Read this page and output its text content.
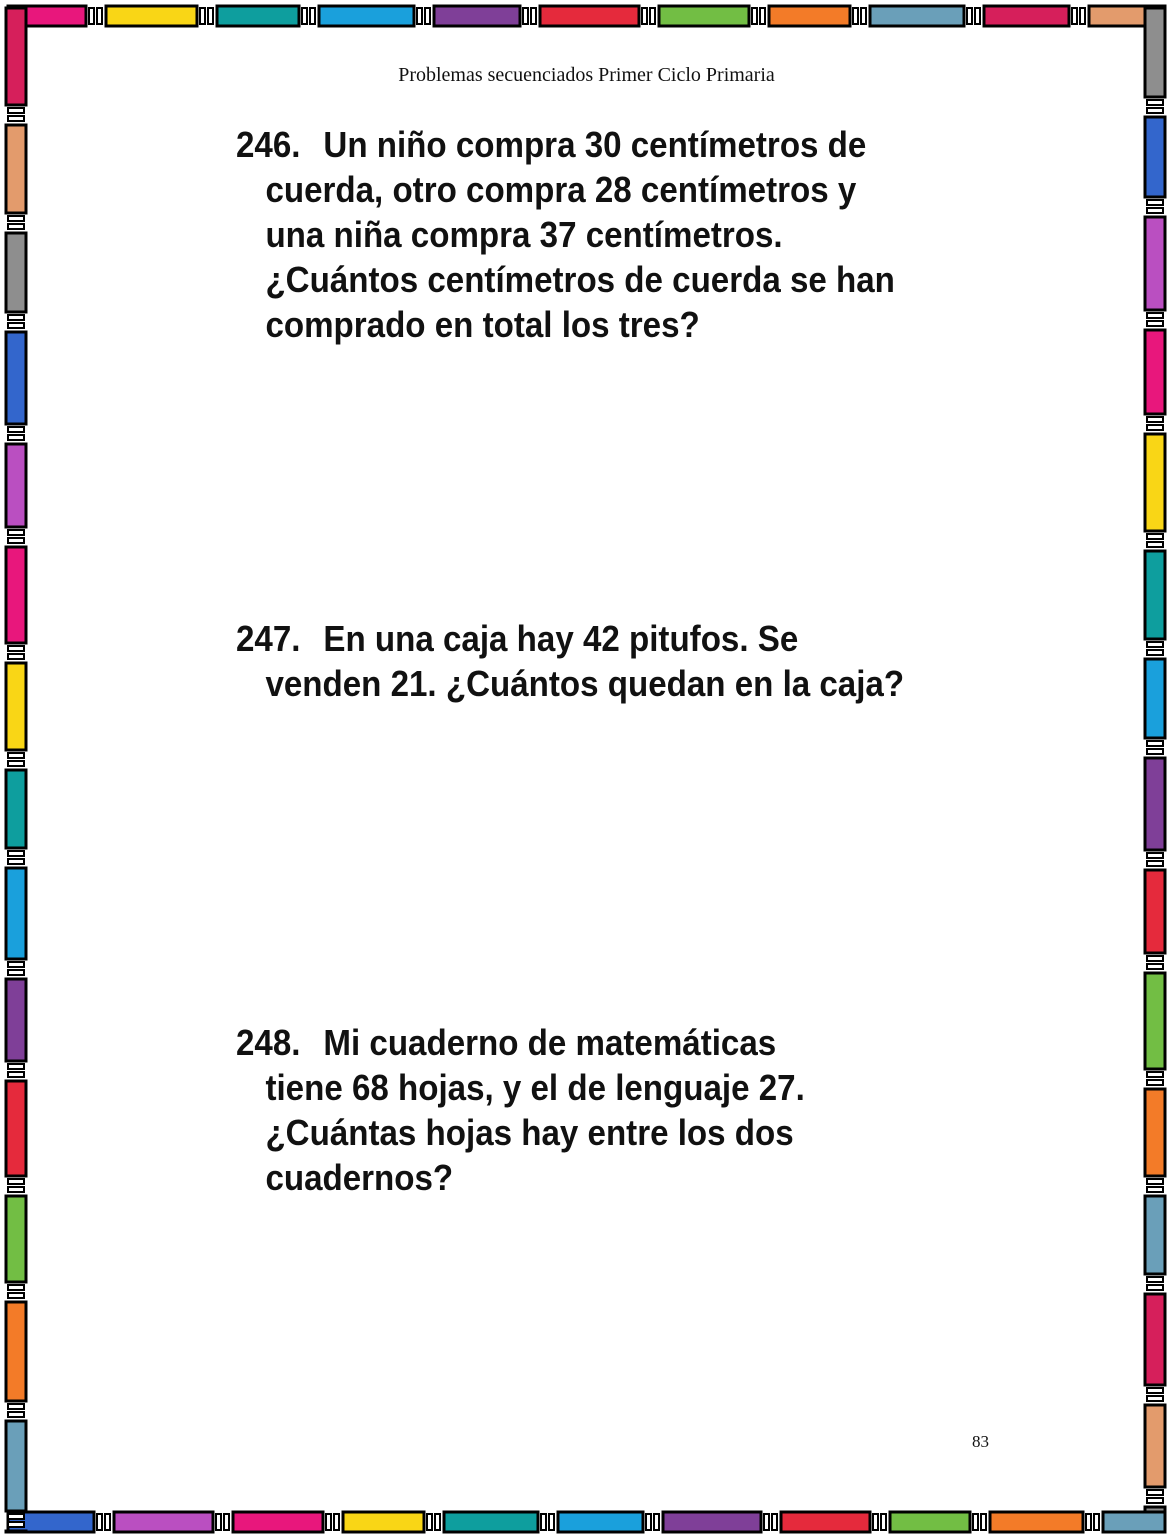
Problemas secuenciados Primer Ciclo Primaria
246. Un niño compra 30 centímetros de
cuerda, otro compra 28 centímetros y
una niña compra 37 centímetros.
¿Cuántos centímetros de cuerda se han
comprado en total los tres?
247. En una caja hay 42 pitufos. Se
venden 21. ¿Cuántos quedan en la caja?
248. Mi cuaderno de matemáticas
tiene 68 hojas, y el de lenguaje 27.
¿Cuántas hojas hay entre los dos
cuadernos?
83
